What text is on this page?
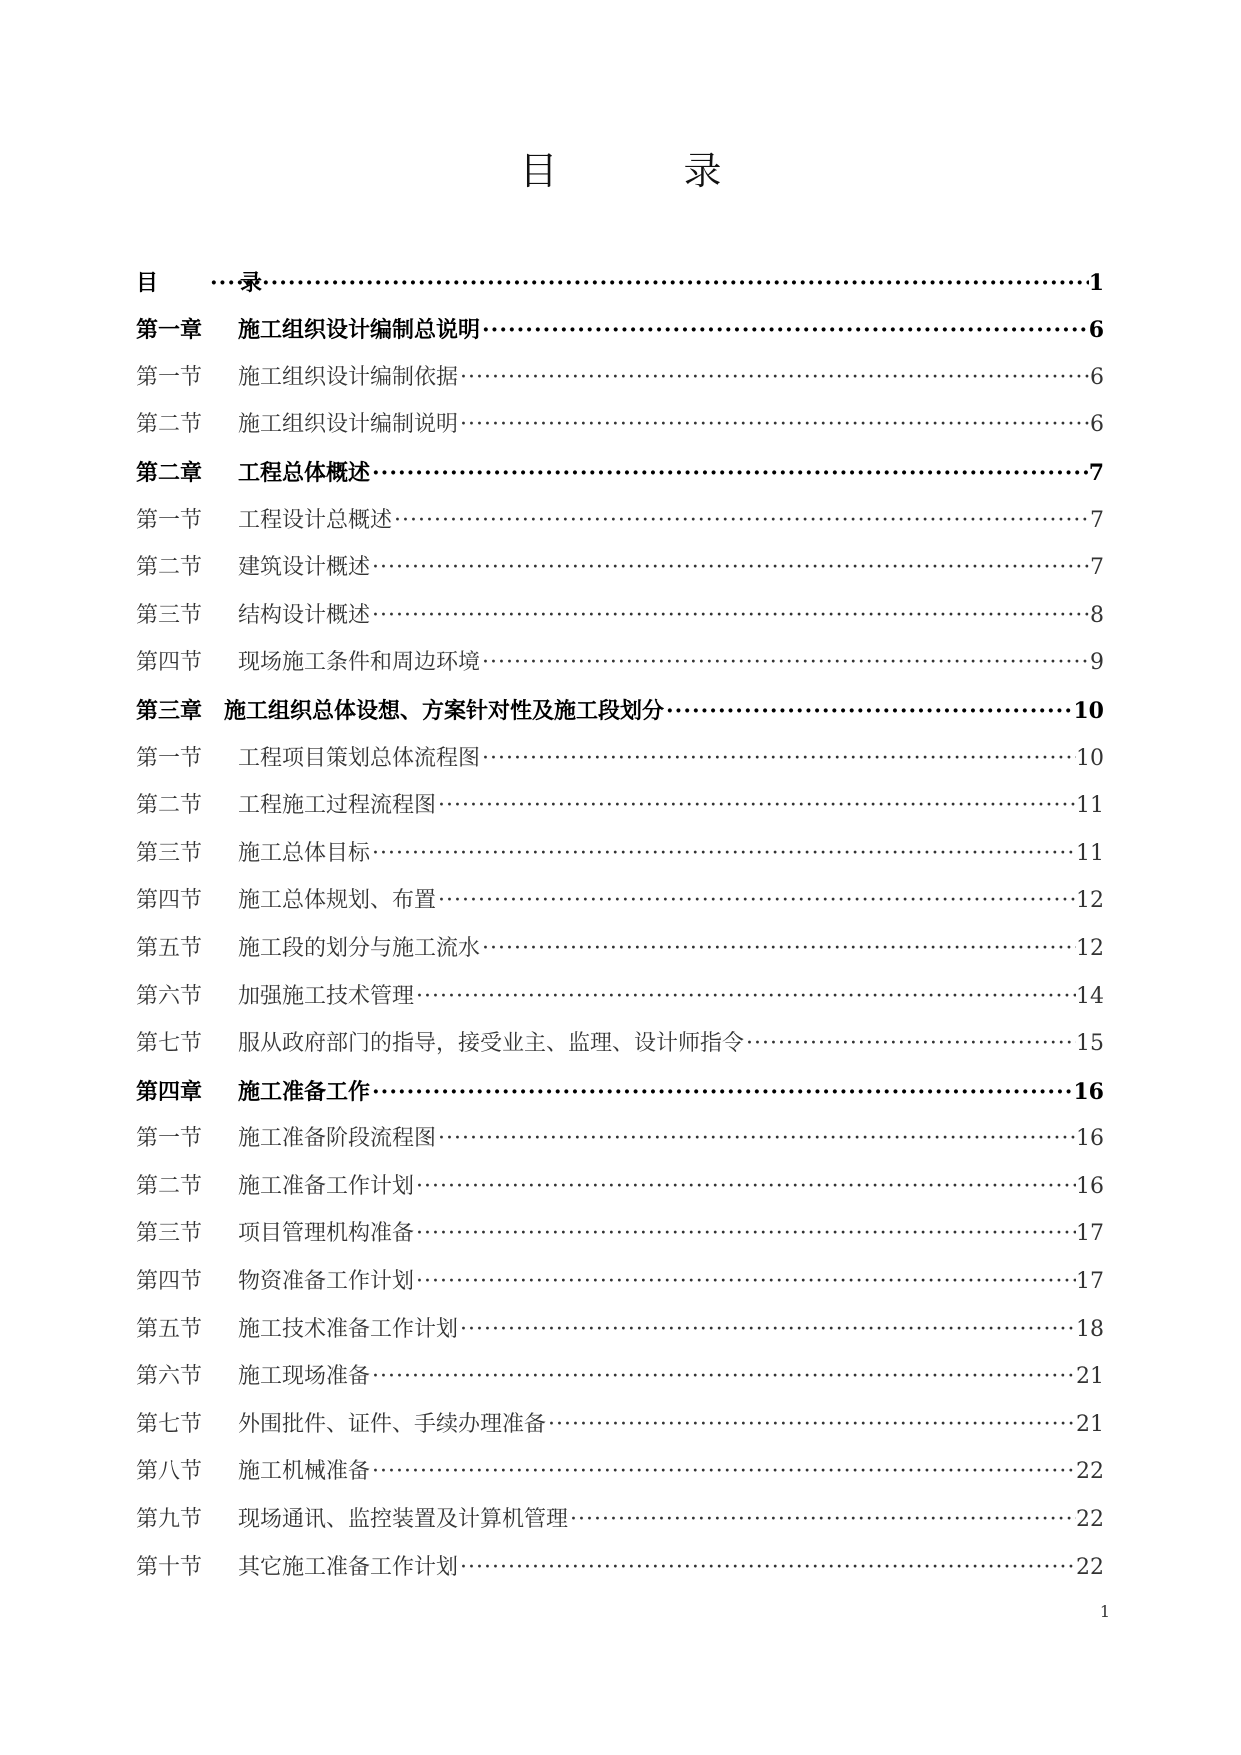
目　录
目　录 ·····	1
第一章 施工组织设计编制总说明 ·····	6
第一节 施工组织设计编制依据 ·····	6
第二节 施工组织设计编制说明 ·····	6
第二章 工程总体概述 ·····	7
第一节 工程设计总概述 ·····	7
第二节 建筑设计概述 ·····	7
第三节 结构设计概述 ·····	8
第四节 现场施工条件和周边环境 ·····	9
第三章 施工组织总体设想、方案针对性及施工段划分 ·····	10
第一节 工程项目策划总体流程图 ·····	10
第二节 工程施工过程流程图 ·····	11
第三节 施工总体目标 ·····	11
第四节 施工总体规划、布置 ·····	12
第五节 施工段的划分与施工流水 ·····	12
第六节 加强施工技术管理 ·····	14
第七节 服从政府部门的指导，接受业主、监理、设计师指令 ·····	15
第四章 施工准备工作 ·····	16
第一节 施工准备阶段流程图 ·····	16
第二节 施工准备工作计划 ·····	16
第三节 项目管理机构准备 ·····	17
第四节 物资准备工作计划 ·····	17
第五节 施工技术准备工作计划 ·····	18
第六节 施工现场准备 ·····	21
第七节 外围批件、证件、手续办理准备 ·····	21
第八节 施工机械准备 ·····	22
第九节 现场通讯、监控装置及计算机管理 ·····	22
第十节 其它施工准备工作计划 ·····	22
1
